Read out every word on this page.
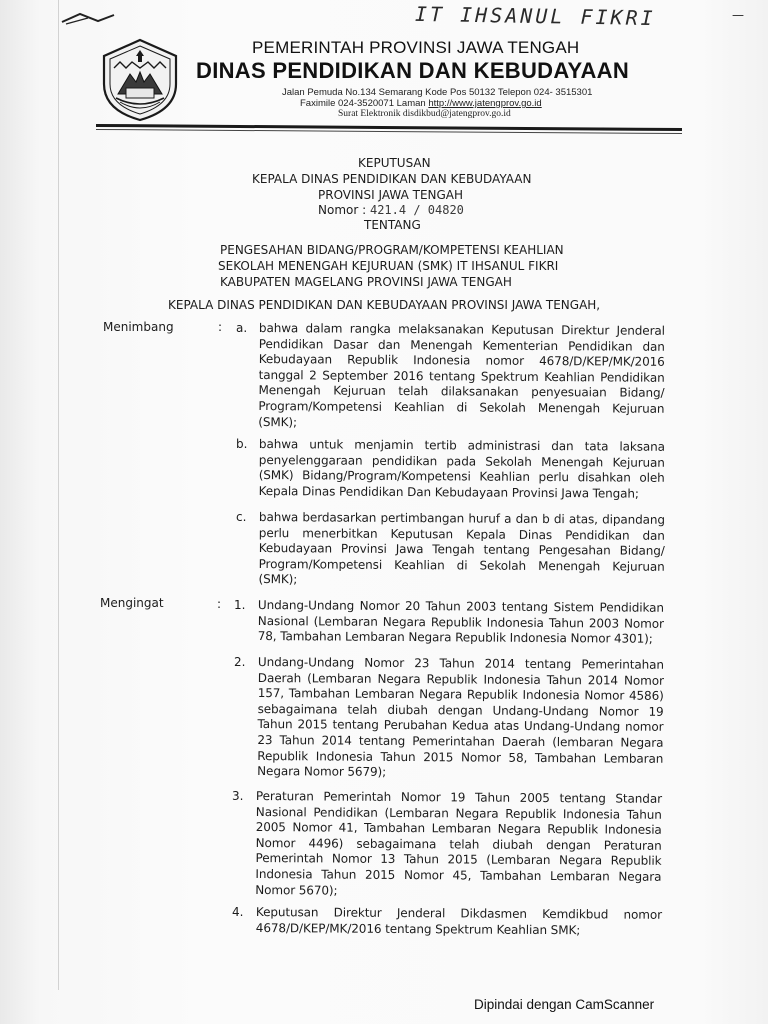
—
IT IHSANUL FIKRI
PEMERINTAH PROVINSI JAWA TENGAH
DINAS PENDIDIKAN DAN KEBUDAYAAN
Jalan Pemuda No.134 Semarang Kode Pos 50132 Telepon 024- 3515301
Faximile 024-3520071 Laman http://www.jatengprov.go.id
Surat Elektronik disdikbud@jatengprov.go.id
KEPUTUSAN
KEPALA DINAS PENDIDIKAN DAN KEBUDAYAAN
PROVINSI JAWA TENGAH
Nomor : 421.4 / 04820
TENTANG
PENGESAHAN BIDANG/PROGRAM/KOMPETENSI KEAHLIAN
SEKOLAH MENENGAH KEJURUAN (SMK) IT IHSANUL FIKRI
KABUPATEN MAGELANG PROVINSI JAWA TENGAH
KEPALA DINAS PENDIDIKAN DAN KEBUDAYAAN PROVINSI JAWA TENGAH,
Menimbang	: a. bahwa dalam rangka melaksanakan Keputusan Direktur Jenderal Pendidikan Dasar dan Menengah Kementerian Pendidikan dan Kebudayaan Republik Indonesia nomor 4678/D/KEP/MK/2016 tanggal 2 September 2016 tentang Spektrum Keahlian Pendidikan Menengah Kejuruan telah dilaksanakan penyesuaian Bidang/ Program/Kompetensi Keahlian di Sekolah Menengah Kejuruan (SMK);
b. bahwa untuk menjamin tertib administrasi dan tata laksana penyelenggaraan pendidikan pada Sekolah Menengah Kejuruan (SMK) Bidang/Program/Kompetensi Keahlian perlu disahkan oleh Kepala Dinas Pendidikan Dan Kebudayaan Provinsi Jawa Tengah;
c. bahwa berdasarkan pertimbangan huruf a dan b di atas, dipandang perlu menerbitkan Keputusan Kepala Dinas Pendidikan dan Kebudayaan Provinsi Jawa Tengah tentang Pengesahan Bidang/ Program/Kompetensi Keahlian di Sekolah Menengah Kejuruan (SMK);
Mengingat	: 1. Undang-Undang Nomor 20 Tahun 2003 tentang Sistem Pendidikan Nasional (Lembaran Negara Republik Indonesia Tahun 2003 Nomor 78, Tambahan Lembaran Negara Republik Indonesia Nomor 4301);
2. Undang-Undang Nomor 23 Tahun 2014 tentang Pemerintahan Daerah (Lembaran Negara Republik Indonesia Tahun 2014 Nomor 157, Tambahan Lembaran Negara Republik Indonesia Nomor 4586) sebagaimana telah diubah dengan Undang-Undang Nomor 19 Tahun 2015 tentang Perubahan Kedua atas Undang-Undang nomor 23 Tahun 2014 tentang Pemerintahan Daerah (lembaran Negara Republik Indonesia Tahun 2015 Nomor 58, Tambahan Lembaran Negara Nomor 5679);
3. Peraturan Pemerintah Nomor 19 Tahun 2005 tentang Standar Nasional Pendidikan (Lembaran Negara Republik Indonesia Tahun 2005 Nomor 41, Tambahan Lembaran Negara Republik Indonesia Nomor 4496) sebagaimana telah diubah dengan Peraturan Pemerintah Nomor 13 Tahun 2015 (Lembaran Negara Republik Indonesia Tahun 2015 Nomor 45, Tambahan Lembaran Negara Nomor 5670);
4. Keputusan Direktur Jenderal Dikdasmen Kemdikbud nomor 4678/D/KEP/MK/2016 tentang Spektrum Keahlian SMK;
Dipindai dengan CamScanner
